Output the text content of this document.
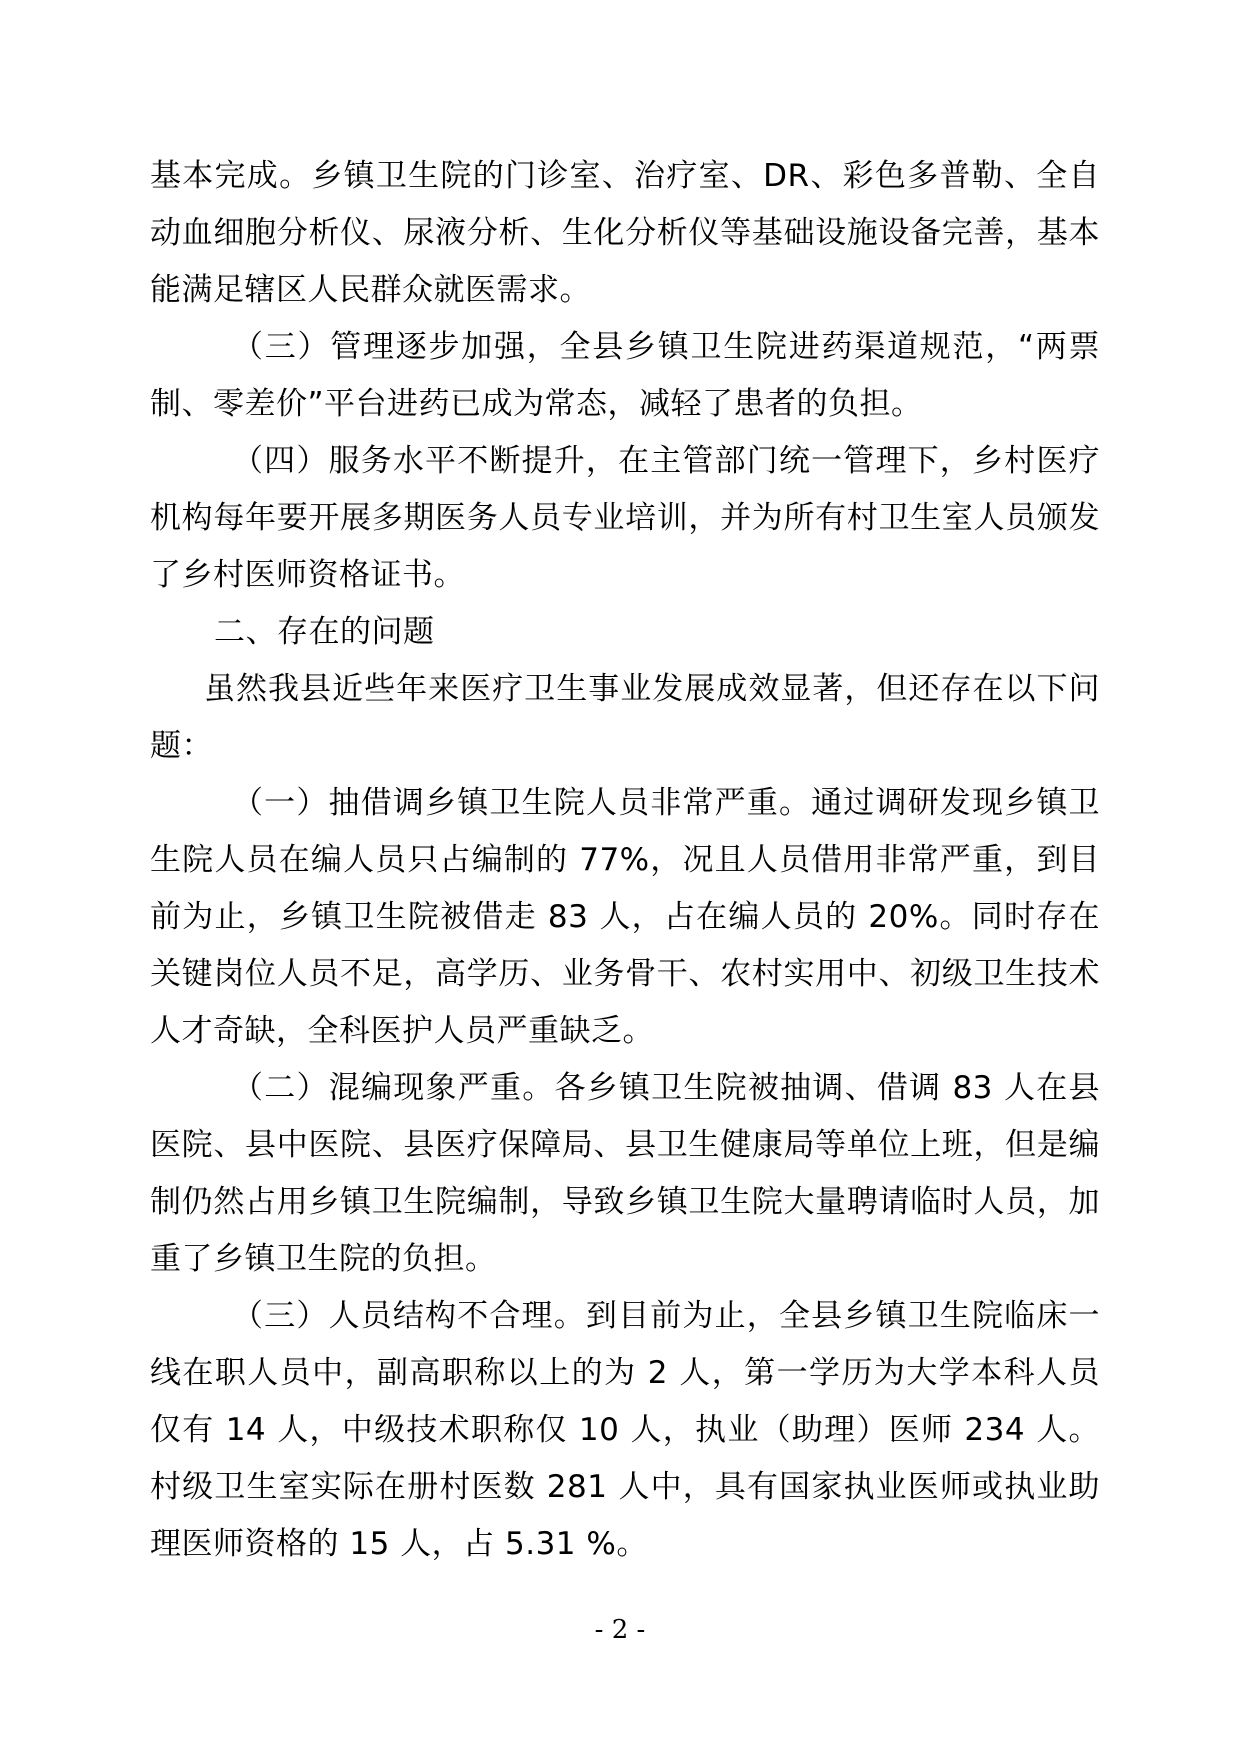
基本完成。乡镇卫生院的门诊室、治疗室、DR、彩色多普勒、全自动血细胞分析仪、尿液分析、生化分析仪等基础设施设备完善，基本能满足辖区人民群众就医需求。

（三）管理逐步加强，全县乡镇卫生院进药渠道规范，“两票制、零差价”平台进药已成为常态，减轻了患者的负担。

（四）服务水平不断提升，在主管部门统一管理下，乡村医疗机构每年要开展多期医务人员专业培训，并为所有村卫生室人员颁发了乡村医师资格证书。

二、存在的问题

虽然我县近些年来医疗卫生事业发展成效显著，但还存在以下问题：

（一）抽借调乡镇卫生院人员非常严重。通过调研发现乡镇卫生院人员在编人员只占编制的 77%，况且人员借用非常严重，到目前为止，乡镇卫生院被借走 83 人，占在编人员的 20%。同时存在关键岗位人员不足，高学历、业务骨干、农村实用中、初级卫生技术人才奇缺，全科医护人员严重缺乏。

（二）混编现象严重。各乡镇卫生院被抽调、借调 83 人在县医院、县中医院、县医疗保障局、县卫生健康局等单位上班，但是编制仍然占用乡镇卫生院编制，导致乡镇卫生院大量聘请临时人员，加重了乡镇卫生院的负担。

（三）人员结构不合理。到目前为止，全县乡镇卫生院临床一线在职人员中，副高职称以上的为 2 人，第一学历为大学本科人员仅有 14 人，中级技术职称仅 10 人，执业（助理）医师 234 人。村级卫生室实际在册村医数 281 人中，具有国家执业医师或执业助理医师资格的 15 人，占 5.31 %。

- 2 -
